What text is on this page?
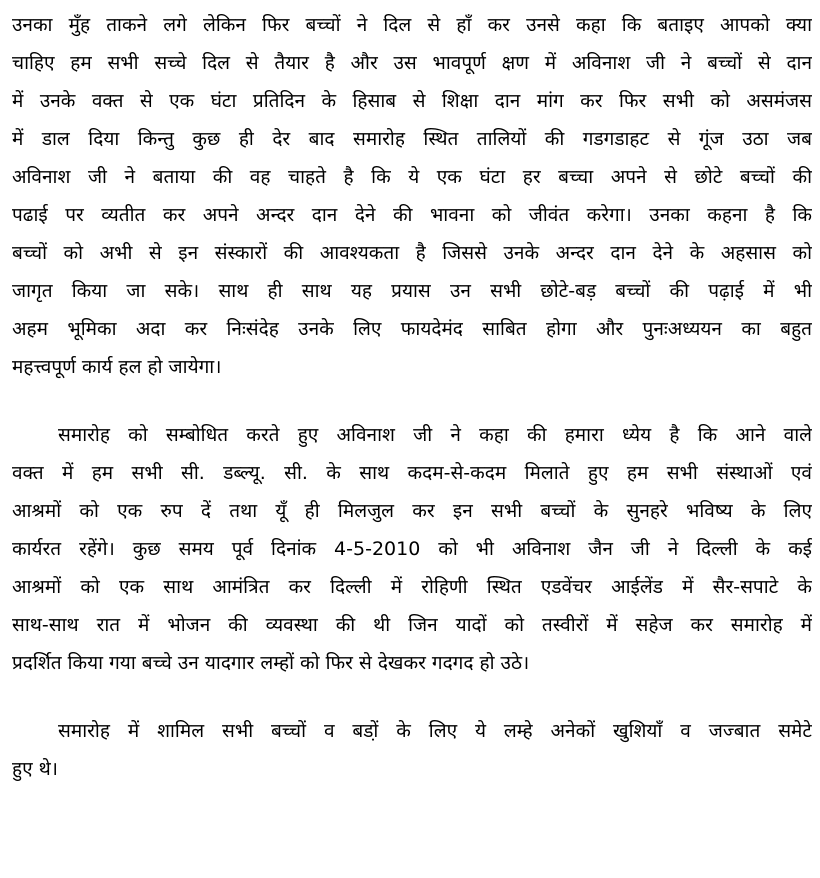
उनका मुँह ताकने लगे लेकिन फिर बच्चों ने दिल से हाँ कर उनसे कहा कि बताइए आपको क्या
चाहिए हम सभी सच्चे दिल से तैयार है और उस भावपूर्ण क्षण में अविनाश जी ने बच्चों से दान
में उनके वक्त से एक घंटा प्रतिदिन के हिसाब से शिक्षा दान मांग कर फिर सभी को असमंजस
में डाल दिया किन्तु कुछ ही देर बाद समारोह स्थित तालियों की गडगडाहट से गूंज उठा जब
अविनाश जी ने बताया की वह चाहते है कि ये एक घंटा हर बच्चा अपने से छोटे बच्चों की
पढाई पर व्यतीत कर अपने अन्दर दान देने की भावना को जीवंत करेगा। उनका कहना है कि
बच्चों को अभी से इन संस्कारों की आवश्यकता है जिससे उनके अन्दर दान देने के अहसास को
जागृत किया जा सके। साथ ही साथ यह प्रयास उन सभी छोटे-बड़ बच्चों की पढ़ाई में भी
अहम भूमिका अदा कर निःसंदेह उनके लिए फायदेमंद साबित होगा और पुनःअध्ययन का बहुत
महत्त्वपूर्ण कार्य हल हो जायेगा।
समारोह को सम्बोधित करते हुए अविनाश जी ने कहा की हमारा ध्येय है कि आने वाले
वक्त में हम सभी सी. डब्ल्यू. सी. के साथ कदम-से-कदम मिलाते हुए हम सभी संस्थाओं एवं
आश्रमों को एक रुप दें तथा यूँ ही मिलजुल कर इन सभी बच्चों के सुनहरे भविष्य के लिए
कार्यरत रहेंगे। कुछ समय पूर्व दिनांक 4-5-2010 को भी अविनाश जैन जी ने दिल्ली के कई
आश्रमों को एक साथ आमंत्रित कर दिल्ली में रोहिणी स्थित एडवेंचर आईलेंड में सैर-सपाटे के
साथ-साथ रात में भोजन की व्यवस्था की थी जिन यादों को तस्वीरों में सहेज कर समारोह में
प्रदर्शित किया गया बच्चे उन यादगार लम्हों को फिर से देखकर गदगद हो उठे।
समारोह में शामिल सभी बच्चों व बडा़ें के लिए ये लम्हे अनेकों खुशियाँ व जज्बात समेटे
हुए थे।
